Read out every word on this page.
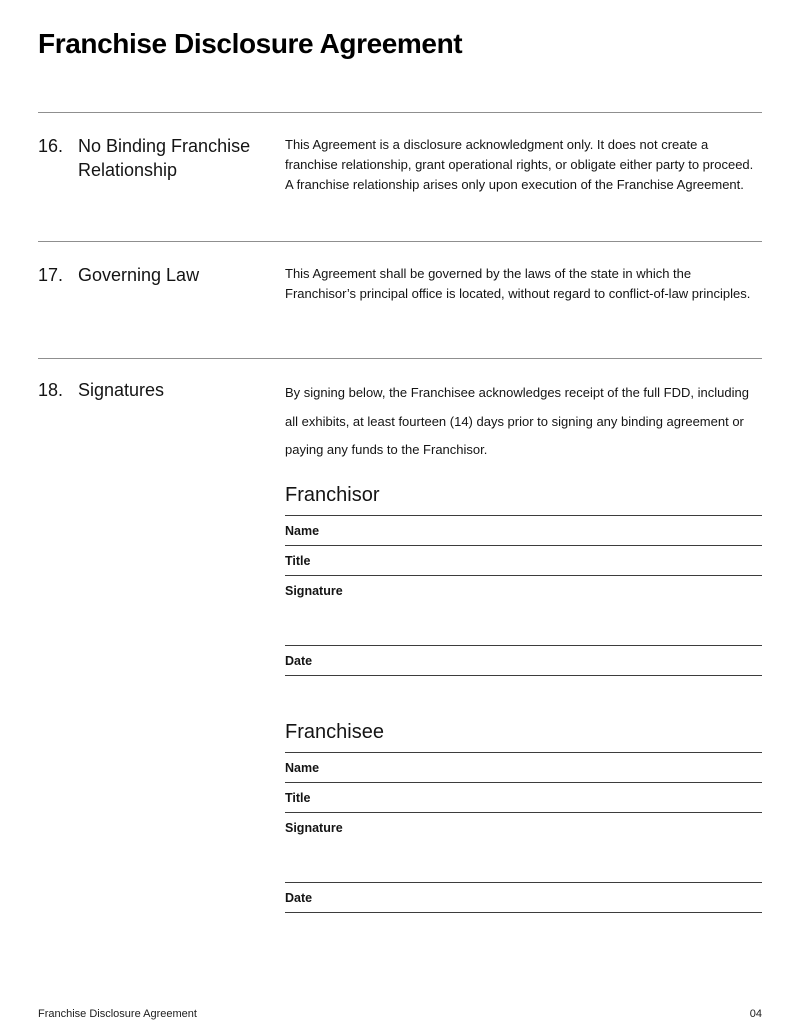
Franchise Disclosure Agreement
16. No Binding Franchise Relationship

This Agreement is a disclosure acknowledgment only. It does not create a franchise relationship, grant operational rights, or obligate either party to proceed. A franchise relationship arises only upon execution of the Franchise Agreement.

17. Governing Law	This Agreement shall be governed by the laws of the state in which the Franchisor’s principal office is located, without regard to conflict-of-law principles.

18. Signatures	By signing below, the Franchisee acknowledges receipt of the full FDD, including all exhibits, at least fourteen (14) days prior to signing any binding agreement or paying any funds to the Franchisor.

Franchisor
Name
Title
Signature
Date
Franchisee
Name
Title
Signature
Date
Franchise Disclosure Agreement	04
